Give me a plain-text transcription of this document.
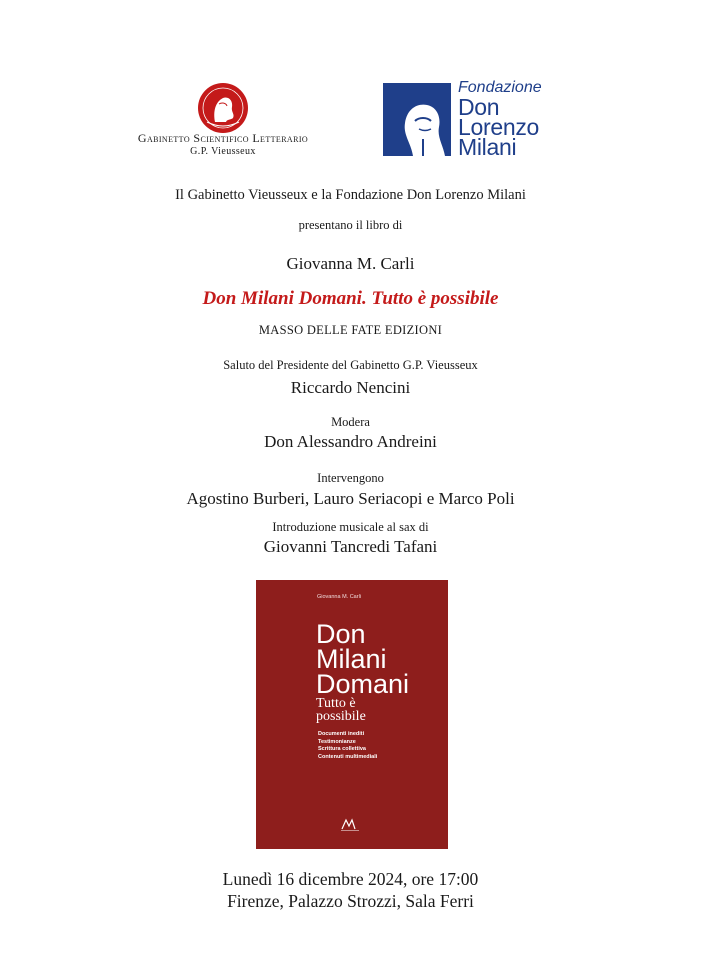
Gabinetto Scientifico Letterario
G.P. Vieusseux
Fondazione
Don
Lorenzo
Milani
Il Gabinetto Vieusseux e la Fondazione Don Lorenzo Milani
presentano il libro di
Giovanna M. Carli
Don Milani Domani. Tutto è possibile
MASSO DELLE FATE EDIZIONI
Saluto del Presidente del Gabinetto G.P. Vieusseux
Riccardo Nencini
Modera
Don Alessandro Andreini
Intervengono
Agostino Burberi, Lauro Seriacopi e Marco Poli
Introduzione musicale al sax di
Giovanni Tancredi Tafani
Giovanna M. Carli
Don
Milani
Domani
Tutto è
possibile
Documenti inediti
Testimonianze
Scrittura collettiva
Contenuti multimediali
Lunedì 16 dicembre 2024, ore 17:00
Firenze, Palazzo Strozzi, Sala Ferri
